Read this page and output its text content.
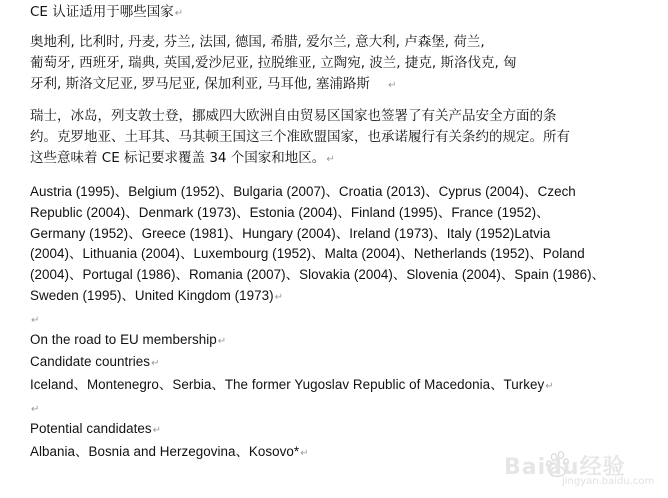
CE 认证适用于哪些国家↵

奥地利, 比利时, 丹麦, 芬兰, 法国, 德国, 希腊, 爱尔兰, 意大利, 卢森堡, 荷兰,

葡萄牙, 西班牙, 瑞典, 英国,爱沙尼亚, 拉脱维亚, 立陶宛, 波兰, 捷克, 斯洛伐克, 匈

牙利, 斯洛文尼亚, 罗马尼亚, 保加利亚, 马耳他, 塞浦路斯 ↵

瑞士，冰岛，列支敦士登，挪威四大欧洲自由贸易区国家也签署了有关产品安全方面的条

约。克罗地亚、土耳其、马其顿王国这三个准欧盟国家，也承诺履行有关条约的规定。所有

这些意味着 CE 标记要求覆盖 34 个国家和地区。↵

Austria (1995)、Belgium (1952)、Bulgaria (2007)、Croatia (2013)、Cyprus (2004)、Czech

Republic (2004)、Denmark (1973)、Estonia (2004)、Finland (1995)、France (1952)、

Germany (1952)、Greece (1981)、Hungary (2004)、Ireland (1973)、Italy (1952)Latvia

(2004)、Lithuania (2004)、Luxembourg (1952)、Malta (2004)、Netherlands (1952)、Poland

(2004)、Portugal (1986)、Romania (2007)、Slovakia (2004)、Slovenia (2004)、Spain (1986)、

Sweden (1995)、United Kingdom (1973)↵

↵

On the road to EU membership↵

Candidate countries↵

Iceland、Montenegro、Serbia、The former Yugoslav Republic of Macedonia、Turkey↵

↵

Potential candidates↵

Albania、Bosnia and Herzegovina、Kosovo*↵

Baidu经验
jingyan.baidu.com
